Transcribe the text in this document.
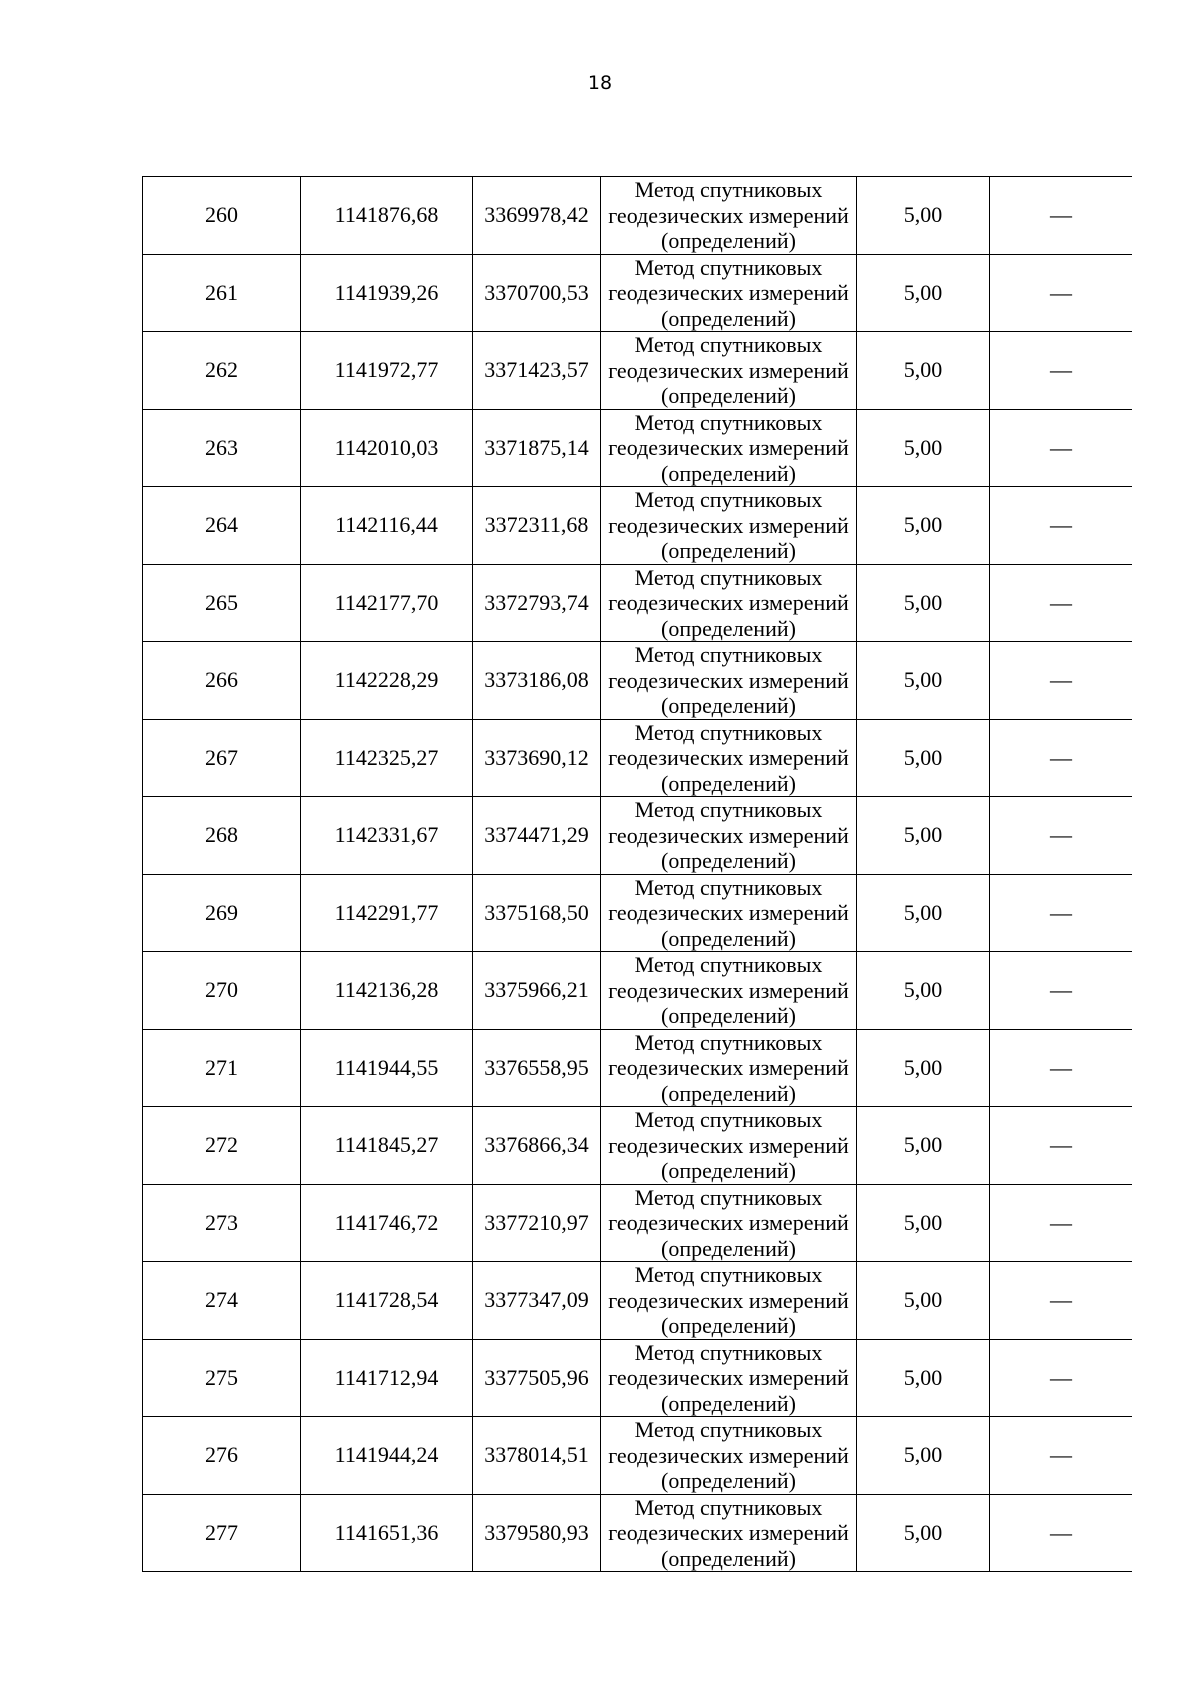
18
260	1141876,68	3369978,42	Метод спутниковых
геодезических измерений
(определений)	5,00	—
261	1141939,26	3370700,53	Метод спутниковых
геодезических измерений
(определений)	5,00	—
262	1141972,77	3371423,57	Метод спутниковых
геодезических измерений
(определений)	5,00	—
263	1142010,03	3371875,14	Метод спутниковых
геодезических измерений
(определений)	5,00	—
264	1142116,44	3372311,68	Метод спутниковых
геодезических измерений
(определений)	5,00	—
265	1142177,70	3372793,74	Метод спутниковых
геодезических измерений
(определений)	5,00	—
266	1142228,29	3373186,08	Метод спутниковых
геодезических измерений
(определений)	5,00	—
267	1142325,27	3373690,12	Метод спутниковых
геодезических измерений
(определений)	5,00	—
268	1142331,67	3374471,29	Метод спутниковых
геодезических измерений
(определений)	5,00	—
269	1142291,77	3375168,50	Метод спутниковых
геодезических измерений
(определений)	5,00	—
270	1142136,28	3375966,21	Метод спутниковых
геодезических измерений
(определений)	5,00	—
271	1141944,55	3376558,95	Метод спутниковых
геодезических измерений
(определений)	5,00	—
272	1141845,27	3376866,34	Метод спутниковых
геодезических измерений
(определений)	5,00	—
273	1141746,72	3377210,97	Метод спутниковых
геодезических измерений
(определений)	5,00	—
274	1141728,54	3377347,09	Метод спутниковых
геодезических измерений
(определений)	5,00	—
275	1141712,94	3377505,96	Метод спутниковых
геодезических измерений
(определений)	5,00	—
276	1141944,24	3378014,51	Метод спутниковых
геодезических измерений
(определений)	5,00	—
277	1141651,36	3379580,93	Метод спутниковых
геодезических измерений
(определений)	5,00	—
